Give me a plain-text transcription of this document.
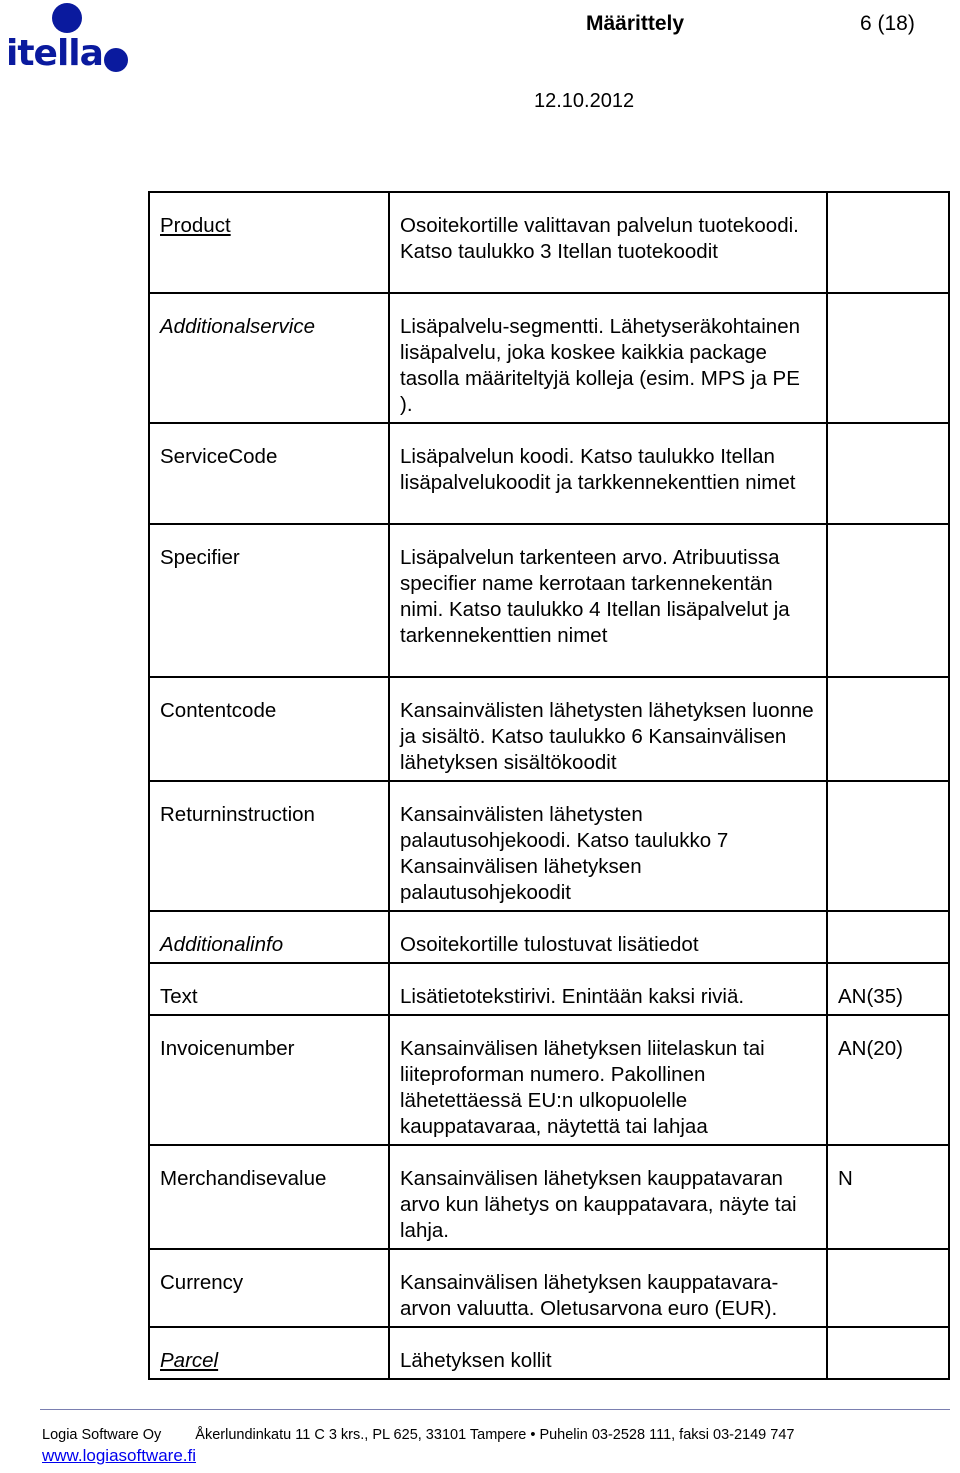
itella
Määrittely	6 (18)
12.10.2012
Product	Osoitekortille valittavan palvelun tuotekoodi. Katso taulukko 3 Itellan tuotekoodit	
Additionalservice	Lisäpalvelu-segmentti. Lähetyseräkohtainen lisäpalvelu, joka koskee kaikkia package tasolla määriteltyjä kolleja (esim. MPS ja PE ).	
ServiceCode	Lisäpalvelun koodi. Katso taulukko Itellan lisäpalvelukoodit ja tarkkennekenttien nimet	
Specifier	Lisäpalvelun tarkenteen arvo. Atribuutissa specifier name kerrotaan tarkennekentän nimi. Katso taulukko 4 Itellan lisäpalvelut ja tarkennekenttien nimet	
Contentcode	Kansainvälisten lähetysten lähetyksen luonne ja sisältö. Katso taulukko 6 Kansainvälisen lähetyksen sisältökoodit	
Returninstruction	Kansainvälisten lähetysten palautusohjekoodi. Katso taulukko 7 Kansainvälisen lähetyksen palautusohjekoodit	
Additionalinfo	Osoitekortille tulostuvat lisätiedot	
Text	Lisätietotekstirivi. Enintään kaksi riviä.	AN(35)
Invoicenumber	Kansainvälisen lähetyksen liitelaskun tai liiteproforman numero. Pakollinen lähetettäessä EU:n ulkopuolelle kauppatavaraa, näytettä tai lahjaa	AN(20)
Merchandisevalue	Kansainvälisen lähetyksen kauppatavaran arvo kun lähetys on kauppatavara, näyte tai lahja.	N
Currency	Kansainvälisen lähetyksen kauppatavara-arvon valuutta. Oletusarvona euro (EUR).	
Parcel	Lähetyksen kollit	
Logia Software Oy Åkerlundinkatu 11 C 3 krs., PL 625, 33101 Tampere • Puhelin 03-2528 111, faksi 03-2149 747
www.logiasoftware.fi
